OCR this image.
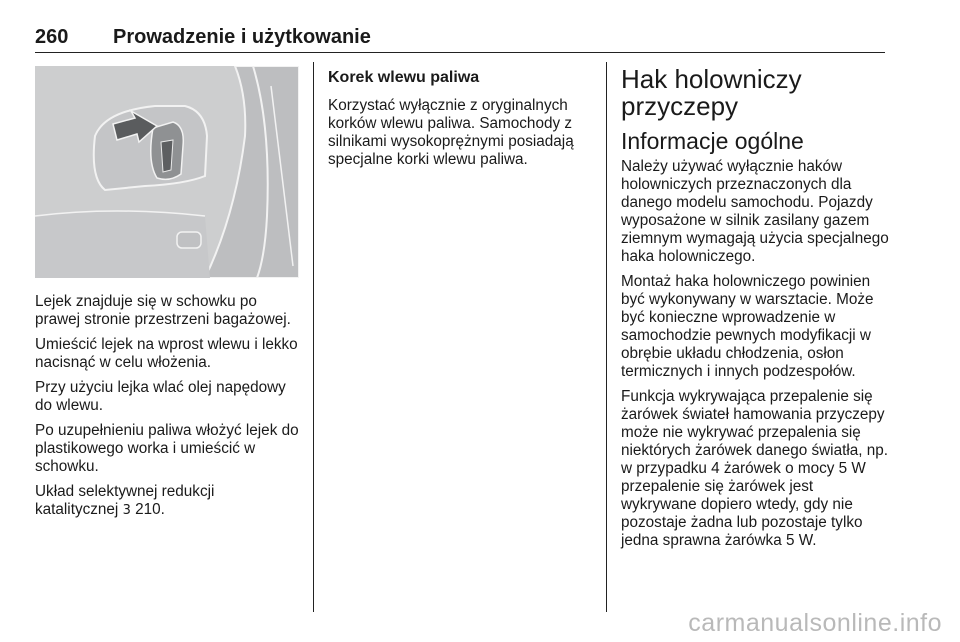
260 Prowadzenie i użytkowanie

Lejek znajduje się w schowku po prawej stronie przestrzeni bagażowej.

Umieścić lejek na wprost wlewu i lekko nacisnąć w celu włożenia.

Przy użyciu lejka wlać olej napędowy do wlewu.

Po uzupełnieniu paliwa włożyć lejek do plastikowego worka i umieścić w schowku.

Układ selektywnej redukcji katalitycznej 3 210.

Korek wlewu paliwa

Korzystać wyłącznie z oryginalnych korków wlewu paliwa. Samochody z silnikami wysokoprężnymi posiadają specjalne korki wlewu paliwa.

Hak holowniczy przyczepy
Informacje ogólne

Należy używać wyłącznie haków holowniczych przeznaczonych dla danego modelu samochodu. Pojazdy wyposażone w silnik zasilany gazem ziemnym wymagają użycia specjalnego haka holowniczego.

Montaż haka holowniczego powinien być wykonywany w warsztacie. Może być konieczne wprowadzenie w samochodzie pewnych modyfikacji w obrębie układu chłodzenia, osłon termicznych i innych podzespołów.

Funkcja wykrywająca przepalenie się żarówek świateł hamowania przyczepy może nie wykrywać przepalenia się niektórych żarówek danego światła, np. w przypadku 4 żarówek o mocy 5 W przepalenie się żarówek jest wykrywane dopiero wtedy, gdy nie pozostaje żadna lub pozostaje tylko jedna sprawna żarówka 5 W.

carmanualsonline.info
